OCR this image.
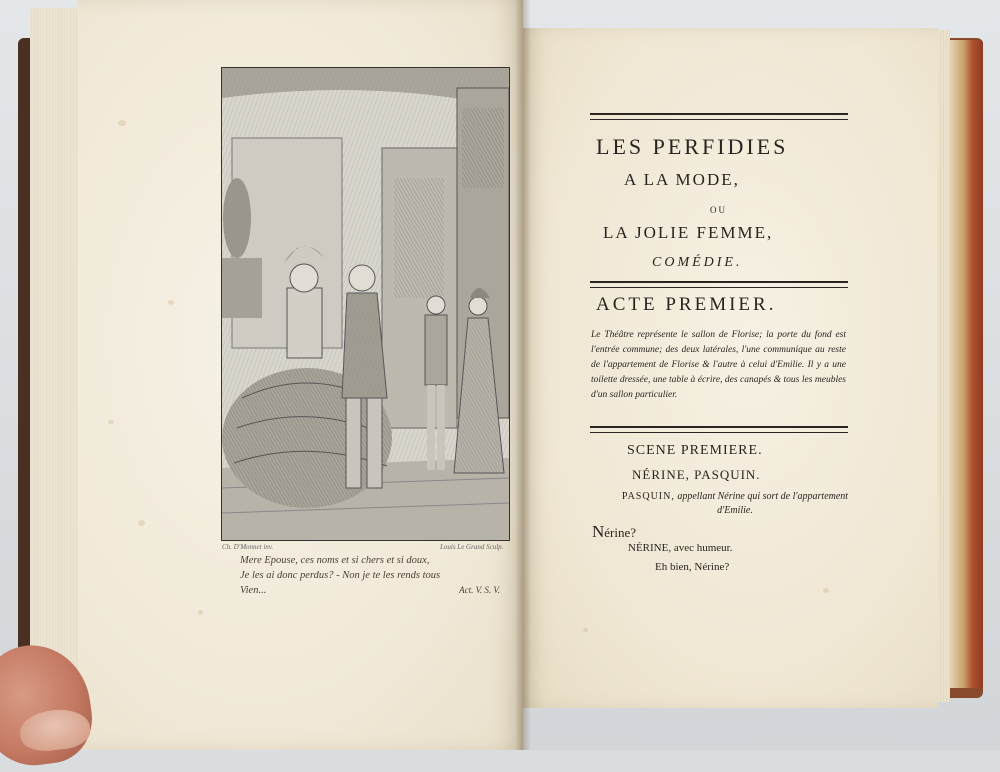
Ch. D'Monnet inv.	Louis Le Grand Sculp.
Mere Epouse, ces noms et si chers et si doux,
Je les ai donc perdus? - Non je te les rends tous
Vien...	Act. V. S. V.
LES PERFIDIES
A LA MODE,
OU
LA JOLIE FEMME,
COMÉDIE.
ACTE PREMIER.
Le Théâtre représente le sallon de Florise; la porte du fond est l'entrée commune; des deux latérales, l'une communique au reste de l'appartement de Florise & l'autre à celui d'Emilie. Il y a une toilette dressée, une table à écrire, des canapés & tous les meubles d'un sallon particulier.
SCENE PREMIERE.
NÉRINE, PASQUIN.
PASQUIN, appellant Nérine qui sort de l'appartement d'Emilie.
Nérine?
NÉRINE, avec humeur.
Eh bien, Nérine?
